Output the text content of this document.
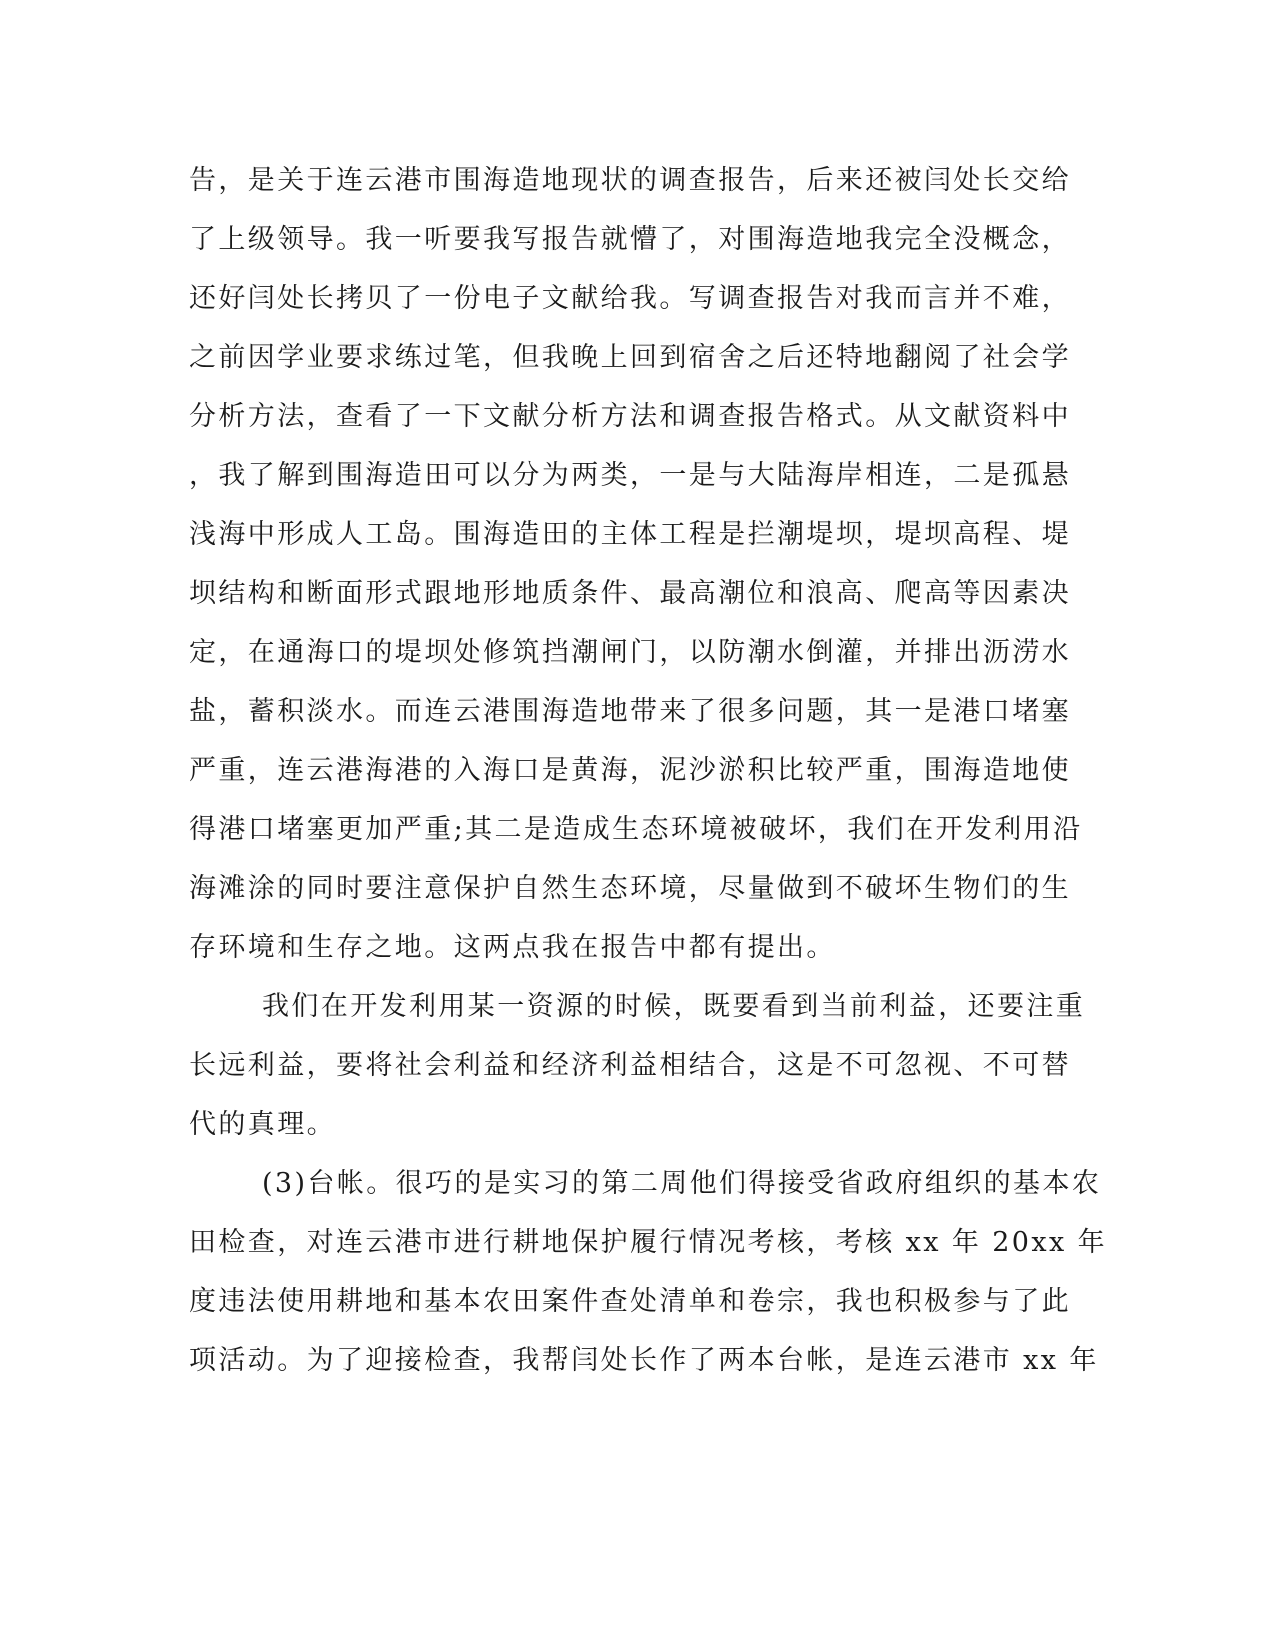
告，是关于连云港市围海造地现状的调查报告，后来还被闫处长交给
了上级领导。我一听要我写报告就懵了，对围海造地我完全没概念，
还好闫处长拷贝了一份电子文献给我。写调查报告对我而言并不难，
之前因学业要求练过笔，但我晚上回到宿舍之后还特地翻阅了社会学
分析方法，查看了一下文献分析方法和调查报告格式。从文献资料中
，我了解到围海造田可以分为两类，一是与大陆海岸相连，二是孤悬
浅海中形成人工岛。围海造田的主体工程是拦潮堤坝，堤坝高程、堤
坝结构和断面形式跟地形地质条件、最高潮位和浪高、爬高等因素决
定，在通海口的堤坝处修筑挡潮闸门，以防潮水倒灌，并排出沥涝水
盐，蓄积淡水。而连云港围海造地带来了很多问题，其一是港口堵塞
严重，连云港海港的入海口是黄海，泥沙淤积比较严重，围海造地使
得港口堵塞更加严重;其二是造成生态环境被破坏，我们在开发利用沿
海滩涂的同时要注意保护自然生态环境，尽量做到不破坏生物们的生
存环境和生存之地。这两点我在报告中都有提出。
我们在开发利用某一资源的时候，既要看到当前利益，还要注重
长远利益，要将社会利益和经济利益相结合，这是不可忽视、不可替
代的真理。
(3)台帐。很巧的是实习的第二周他们得接受省政府组织的基本农
田检查，对连云港市进行耕地保护履行情况考核，考核 xx 年 20xx 年
度违法使用耕地和基本农田案件查处清单和卷宗，我也积极参与了此
项活动。为了迎接检查，我帮闫处长作了两本台帐，是连云港市 xx 年
